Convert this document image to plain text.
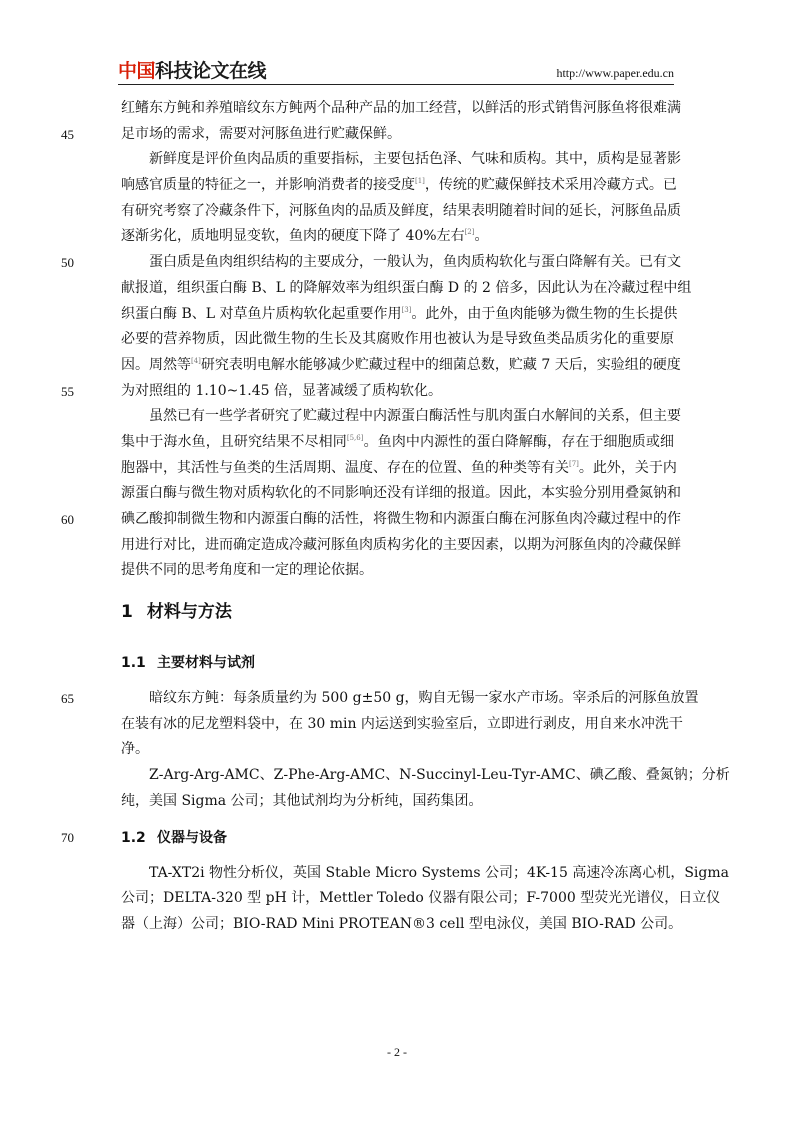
中国科技论文在线	http://www.paper.edu.cn
红鳍东方鲀和养殖暗纹东方鲀两个品种产品的加工经营，以鲜活的形式销售河豚鱼将很难满
45	足市场的需求，需要对河豚鱼进行贮藏保鲜。
新鲜度是评价鱼肉品质的重要指标，主要包括色泽、气味和质构。其中，质构是显著影
响感官质量的特征之一，并影响消费者的接受度[1]，传统的贮藏保鲜技术采用冷藏方式。已
有研究考察了冷藏条件下，河豚鱼肉的品质及鲜度，结果表明随着时间的延长，河豚鱼品质
逐渐劣化，质地明显变软，鱼肉的硬度下降了 40%左右[2]。
50	蛋白质是鱼肉组织结构的主要成分，一般认为，鱼肉质构软化与蛋白降解有关。已有文
献报道，组织蛋白酶 B、L 的降解效率为组织蛋白酶 D 的 2 倍多，因此认为在冷藏过程中组
织蛋白酶 B、L 对草鱼片质构软化起重要作用[3]。此外，由于鱼肉能够为微生物的生长提供
必要的营养物质，因此微生物的生长及其腐败作用也被认为是导致鱼类品质劣化的重要原
因。周然等[4]研究表明电解水能够减少贮藏过程中的细菌总数，贮藏 7 天后，实验组的硬度
55	为对照组的 1.10~1.45 倍，显著减缓了质构软化。
虽然已有一些学者研究了贮藏过程中内源蛋白酶活性与肌肉蛋白水解间的关系，但主要
集中于海水鱼，且研究结果不尽相同[5,6]。鱼肉中内源性的蛋白降解酶，存在于细胞质或细
胞器中，其活性与鱼类的生活周期、温度、存在的位置、鱼的种类等有关[7]。此外，关于内
源蛋白酶与微生物对质构软化的不同影响还没有详细的报道。因此，本实验分别用叠氮钠和
60	碘乙酸抑制微生物和内源蛋白酶的活性，将微生物和内源蛋白酶在河豚鱼肉冷藏过程中的作
用进行对比，进而确定造成冷藏河豚鱼肉质构劣化的主要因素，以期为河豚鱼肉的冷藏保鲜
提供不同的思考角度和一定的理论依据。
1 材料与方法
1.1 主要材料与试剂
65	暗纹东方鲀：每条质量约为 500 g±50 g，购自无锡一家水产市场。宰杀后的河豚鱼放置
在装有冰的尼龙塑料袋中，在 30 min 内运送到实验室后，立即进行剥皮，用自来水冲洗干
净。
Z-Arg-Arg-AMC、Z-Phe-Arg-AMC、N-Succinyl-Leu-Tyr-AMC、碘乙酸、叠氮钠；分析
纯，美国 Sigma 公司；其他试剂均为分析纯，国药集团。
70	1.2 仪器与设备
TA-XT2i 物性分析仪，英国 Stable Micro Systems 公司；4K-15 高速冷冻离心机，Sigma
公司；DELTA-320 型 pH 计，Mettler Toledo 仪器有限公司；F-7000 型荧光光谱仪，日立仪
器（上海）公司；BIO-RAD Mini PROTEAN®3 cell 型电泳仪，美国 BIO-RAD 公司。
- 2 -
